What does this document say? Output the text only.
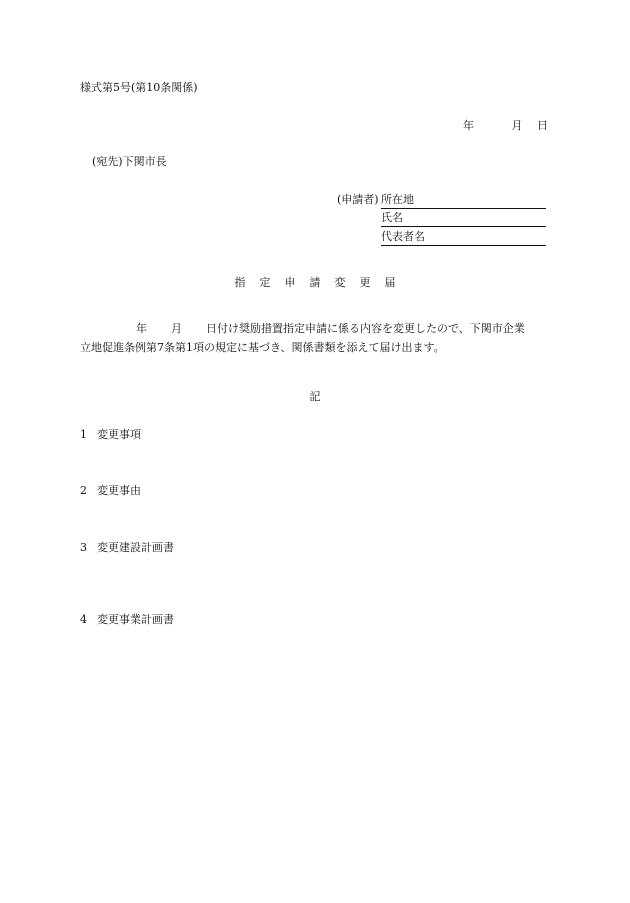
様式第5号(第10条関係)
年	月 日
(宛先)下関市長
(申請者) 所在地
氏名
代表者名
指 定 申 請 変 更 届
年 月 日付け奨励措置指定申請に係る内容を変更したので、下関市企業
立地促進条例第7条第1項の規定に基づき、関係書類を添えて届け出ます。
記
1 変更事項
2 変更事由
3 変更建設計画書
4 変更事業計画書
